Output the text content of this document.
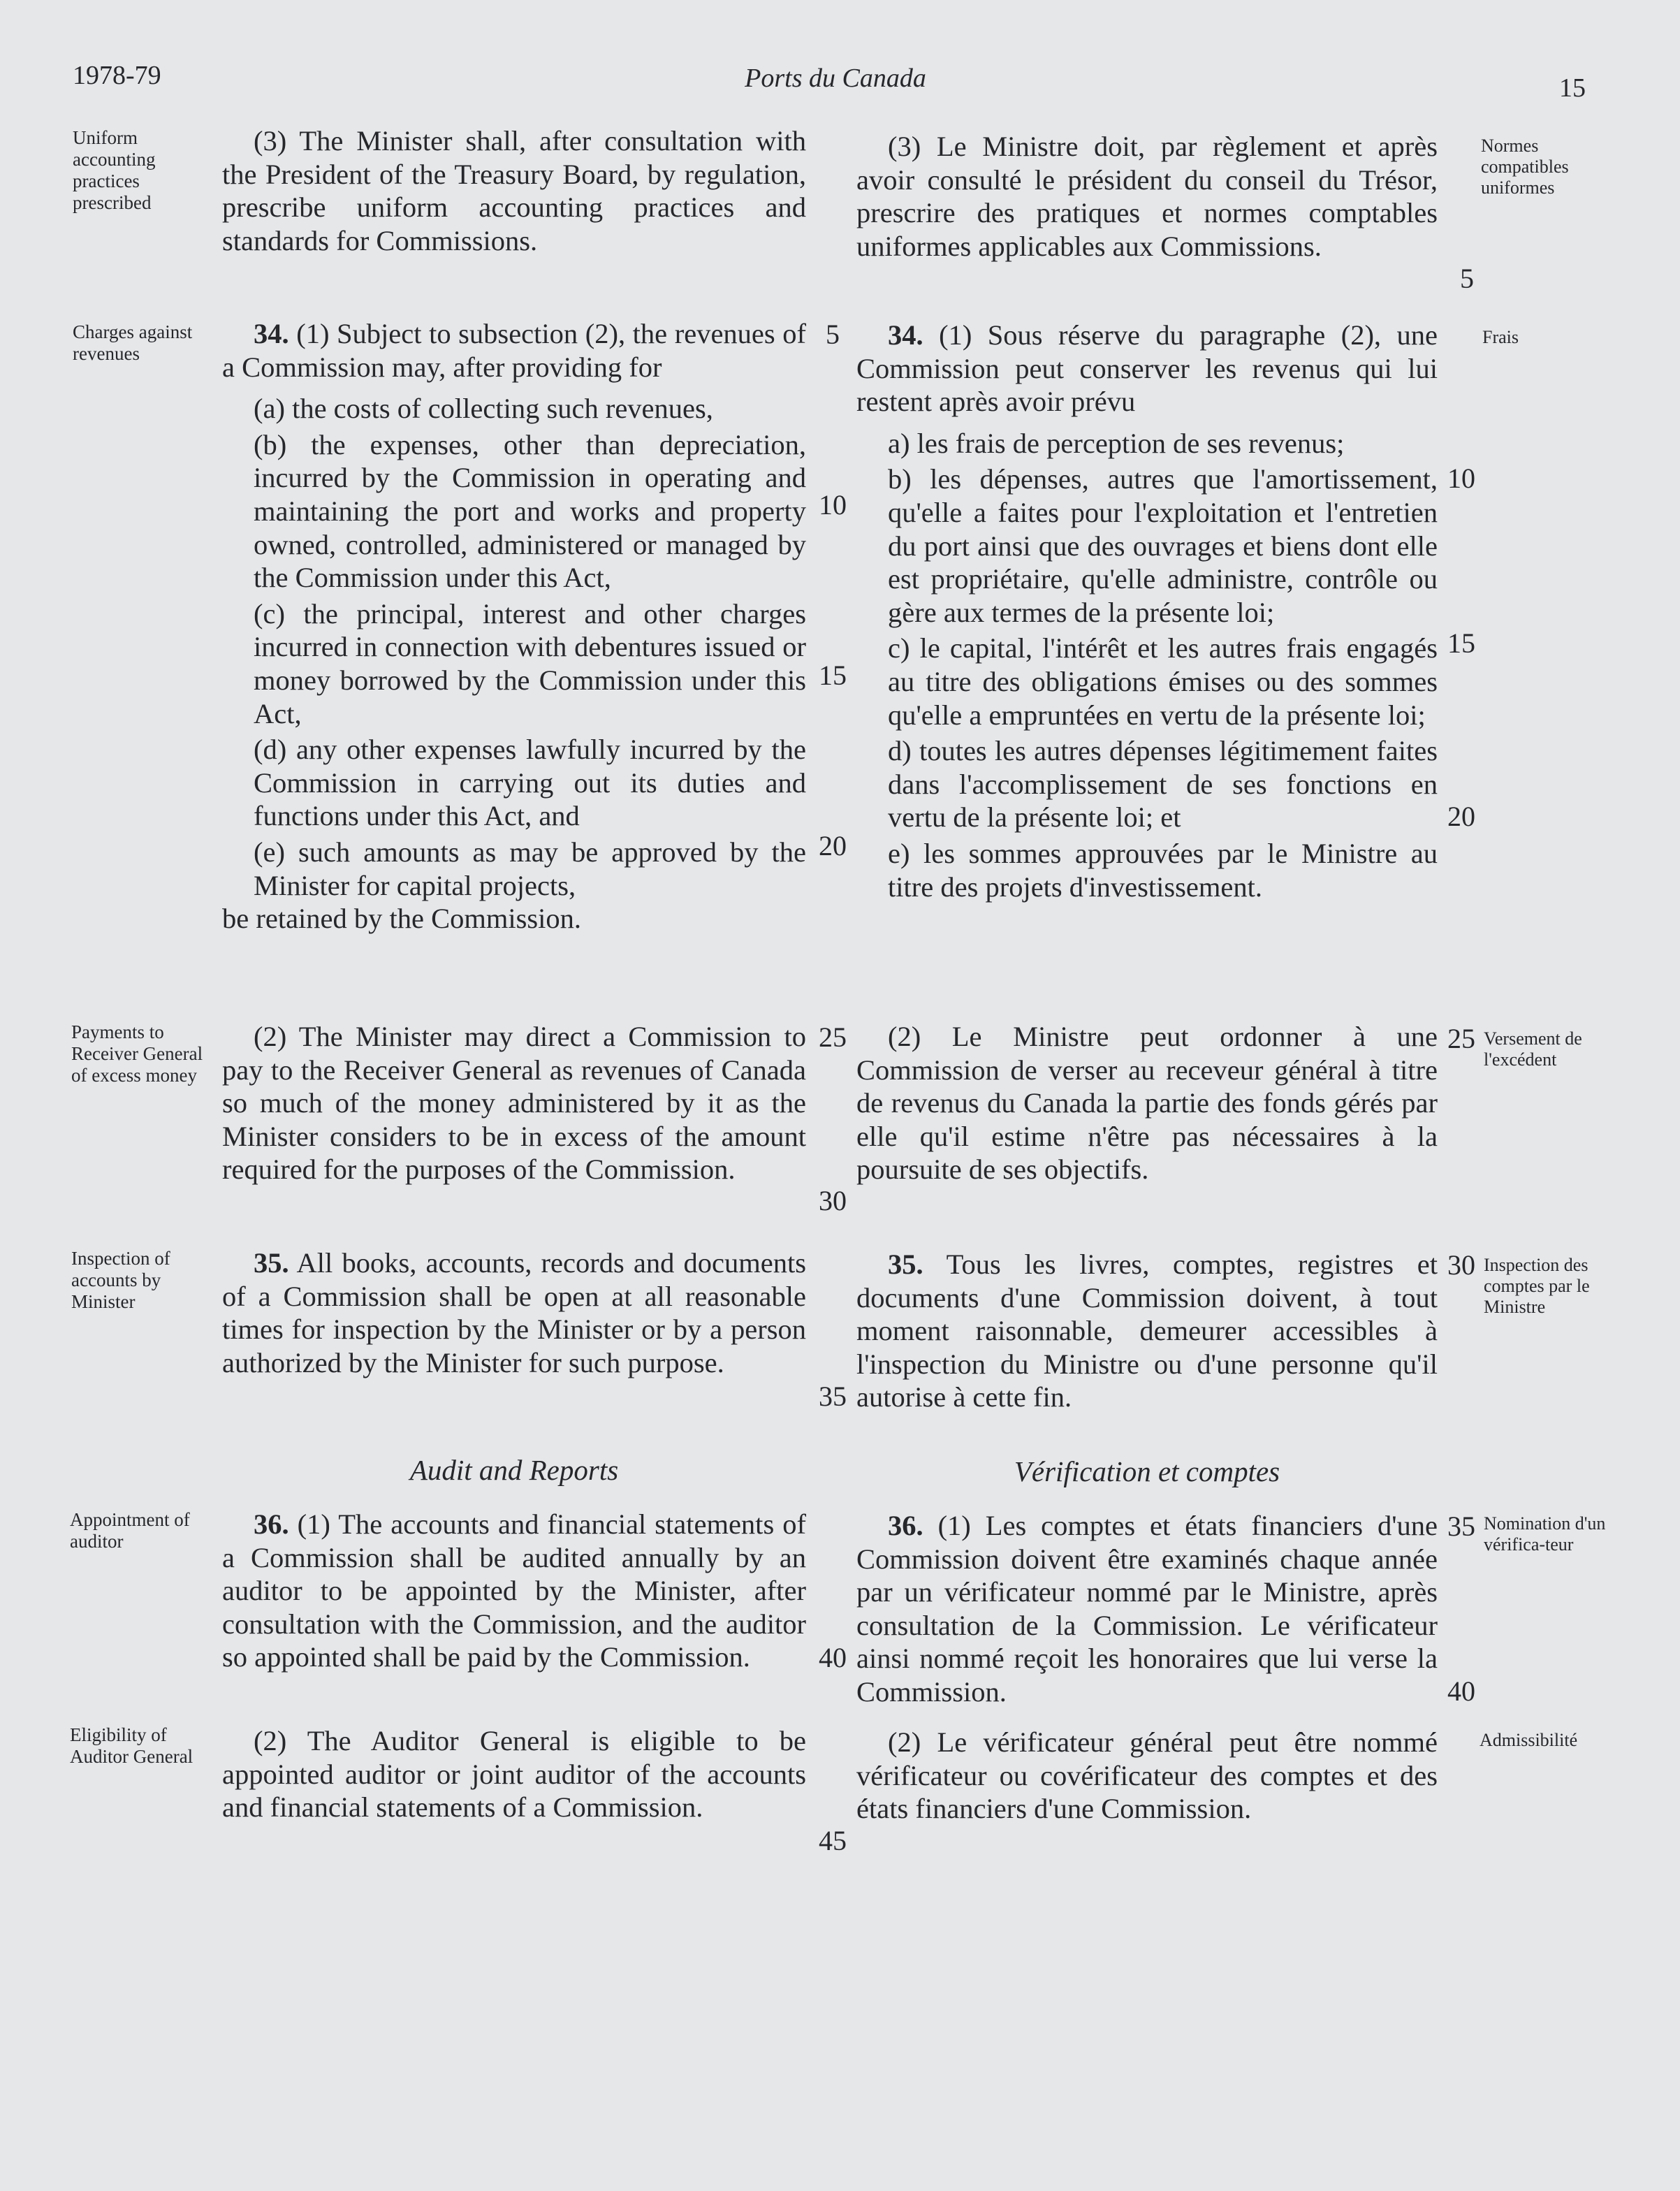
1978-79	Ports du Canada	15
Uniform accounting practices prescribed
Charges against revenues
Payments to Receiver General of excess money
Inspection of accounts by Minister
Appointment of auditor
Eligibility of Auditor General
Normes compatibles uniformes
Frais
Versement de l'excédent
Inspection des comptes par le Ministre
Nomination d'un vérifica-teur
Admissibilité

(3) The Minister shall, after consultation with the President of the Treasury Board, by regulation, prescribe uniform accounting practices and standards for Commissions.

34. (1) Subject to subsection (2), the revenues of a Commission may, after providing for

(a) the costs of collecting such revenues,

(b) the expenses, other than depreciation, incurred by the Commission in operating and maintaining the port and works and property owned, controlled, administered or managed by the Commission under this Act,

(c) the principal, interest and other charges incurred in connection with debentures issued or money borrowed by the Commission under this Act,

(d) any other expenses lawfully incurred by the Commission in carrying out its duties and functions under this Act, and

(e) such amounts as may be approved by the Minister for capital projects,

be retained by the Commission.

(2) The Minister may direct a Commission to pay to the Receiver General as revenues of Canada so much of the money administered by it as the Minister considers to be in excess of the amount required for the purposes of the Commission.

35. All books, accounts, records and documents of a Commission shall be open at all reasonable times for inspection by the Minister or by a person authorized by the Minister for such purpose.

Audit and Reports

36. (1) The accounts and financial statements of a Commission shall be audited annually by an auditor to be appointed by the Minister, after consultation with the Commission, and the auditor so appointed shall be paid by the Commission.

(2) The Auditor General is eligible to be appointed auditor or joint auditor of the accounts and financial statements of a Commission.

(3) Le Ministre doit, par règlement et après avoir consulté le président du conseil du Trésor, prescrire des pratiques et normes comptables uniformes applicables aux Commissions.

34. (1) Sous réserve du paragraphe (2), une Commission peut conserver les revenus qui lui restent après avoir prévu

a) les frais de perception de ses revenus;

b) les dépenses, autres que l'amortissement, qu'elle a faites pour l'exploitation et l'entretien du port ainsi que des ouvrages et biens dont elle est propriétaire, qu'elle administre, contrôle ou gère aux termes de la présente loi;

c) le capital, l'intérêt et les autres frais engagés au titre des obligations émises ou des sommes qu'elle a empruntées en vertu de la présente loi;

d) toutes les autres dépenses légitimement faites dans l'accomplissement de ses fonctions en vertu de la présente loi; et

e) les sommes approuvées par le Ministre au titre des projets d'investissement.

(2) Le Ministre peut ordonner à une Commission de verser au receveur général à titre de revenus du Canada la partie des fonds gérés par elle qu'il estime n'être pas nécessaires à la poursuite de ses objectifs.

35. Tous les livres, comptes, registres et documents d'une Commission doivent, à tout moment raisonnable, demeurer accessibles à l'inspection du Ministre ou d'une personne qu'il autorise à cette fin.

Vérification et comptes

36. (1) Les comptes et états financiers d'une Commission doivent être examinés chaque année par un vérificateur nommé par le Ministre, après consultation de la Commission. Le vérificateur ainsi nommé reçoit les honoraires que lui verse la Commission.

(2) Le vérificateur général peut être nommé vérificateur ou covérificateur des comptes et des états financiers d'une Commission.

5
10
15
20
25
30
35
40
45
5
10
15
20
25
30
35
40
